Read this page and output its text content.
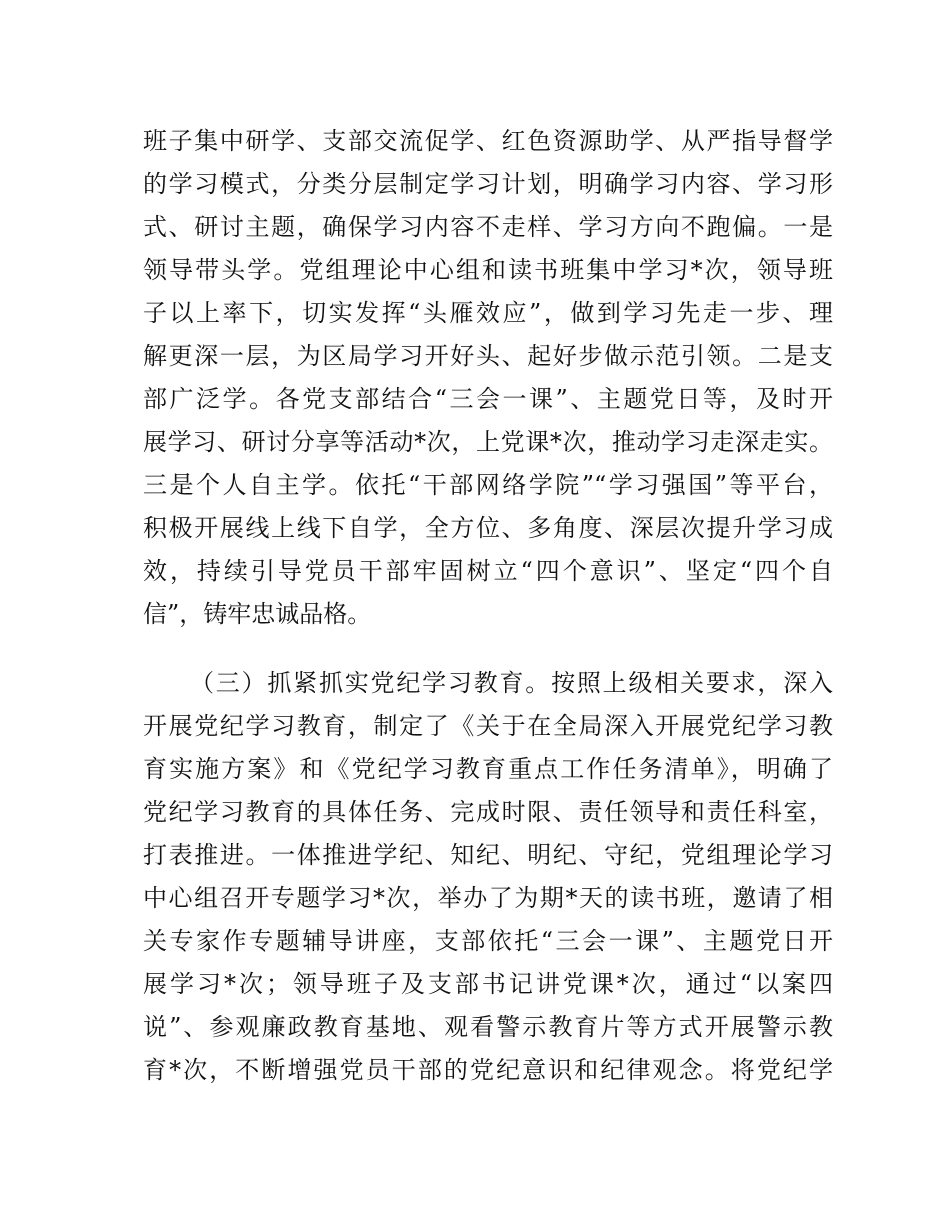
班子集中研学、支部交流促学、红色资源助学、从严指导督学
的学习模式，分类分层制定学习计划，明确学习内容、学习形
式、研讨主题，确保学习内容不走样、学习方向不跑偏。一是
领导带头学。党组理论中心组和读书班集中学习*次，领导班
子以上率下，切实发挥“头雁效应”，做到学习先走一步、理
解更深一层，为区局学习开好头、起好步做示范引领。二是支
部广泛学。各党支部结合“三会一课”、主题党日等，及时开
展学习、研讨分享等活动*次，上党课*次，推动学习走深走实。
三是个人自主学。依托“干部网络学院”“学习强国”等平台，
积极开展线上线下自学，全方位、多角度、深层次提升学习成
效，持续引导党员干部牢固树立“四个意识”、坚定“四个自
信”，铸牢忠诚品格。
（三）抓紧抓实党纪学习教育。按照上级相关要求，深入
开展党纪学习教育，制定了《关于在全局深入开展党纪学习教
育实施方案》和《党纪学习教育重点工作任务清单》，明确了
党纪学习教育的具体任务、完成时限、责任领导和责任科室，
打表推进。一体推进学纪、知纪、明纪、守纪，党组理论学习
中心组召开专题学习*次，举办了为期*天的读书班，邀请了相
关专家作专题辅导讲座，支部依托“三会一课”、主题党日开
展学习*次；领导班子及支部书记讲党课*次，通过“以案四
说”、参观廉政教育基地、观看警示教育片等方式开展警示教
育*次，不断增强党员干部的党纪意识和纪律观念。将党纪学
